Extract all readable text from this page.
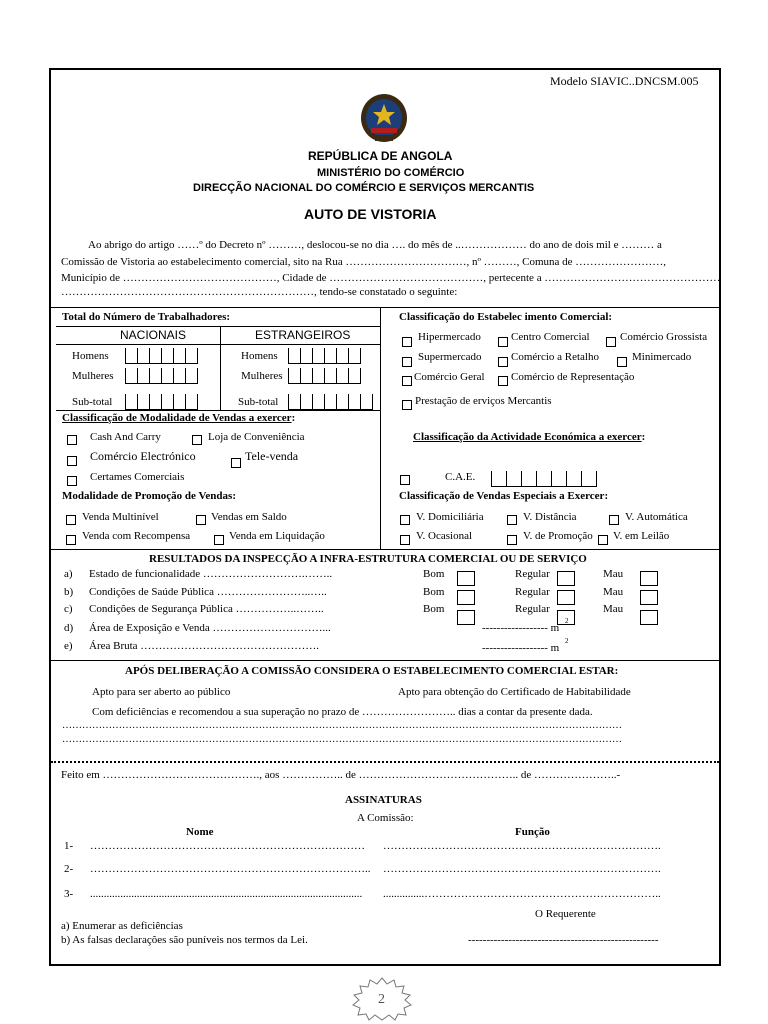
Modelo SIAVIC..DNCSM.005
REPÚBLICA DE ANGOLA
MINISTÉRIO DO COMÉRCIO
DIRECÇÃO NACIONAL DO COMÉRCIO E SERVIÇOS MERCANTIS
AUTO DE VISTORIA
Ao abrigo do artigo ……º do Decreto nº ………, deslocou-se no dia …. do mês de ..……………… do ano de dois mil e ……… a
Comissão de Vistoria ao estabelecimento comercial, sito na Rua ……………………………, nº ………, Comuna de ……………………,
Município de ……………………………………, Cidade de ……………………………………, pertecente a …………………………………………
……………………………………………………………, tendo-se constatado o seguinte:
Total do Número de Trabalhadores:
NACIONAIS	ESTRANGEIROS
Homens	Homens
Mulheres	Mulheres
Sub-total	Sub-total
Classificação de Modalidade de Vendas a exercer:
Cash And Carry	Loja de Conveniência
Comércio Electrónico	Tele-venda
Certames Comerciais
Modalidade de Promoção de Vendas:
Venda Multinível	Vendas em Saldo
Venda com Recompensa	Venda em Liquidação
Classificação do Estabelec imento Comercial:
Hipermercado	Centro Comercial	Comércio Grossista
Supermercado	Comércio a Retalho	Minimercado
Comércio Geral Comércio de Representação
Prestação de erviços Mercantis
Classificação da Actividade Económica a exercer:
C.A.E.
Classificação de Vendas Especiais a Exercer:
V. Domiciliária	V. Distância	V. Automática
V. Ocasional	V. de Promoção V. em Leilão
RESULTADOS DA INSPECÇÃO A INFRA-ESTRUTURA COMERCIAL OU DE SERVIÇO
a) Estado de funcionalidade ……………………….……..	Bom	Regular	Mau
b) Condições de Saúde Pública ……………………..…..	Bom	Regular	Mau
c) Condições de Segurança Pública ……………..……..	Bom	Regular	Mau
d) Área de Exposição e Venda …………………………...	------------------ m
2
e) Área Bruta ………………………………………….	------------------ m
2
APÓS DELIBERAÇÃO A COMISSÃO CONSIDERA O ESTABELECIMENTO COMERCIAL ESTAR:
Apto para ser aberto ao público	Apto para obtenção do Certificado de Habitabilidade
Com deficiências e recomendou a sua superação no prazo de …………………….. dias a contar da presente dada.
……………………………………………………………………………………………………………………………………………………
……………………………………………………………………………………………………………………………………………………
Feito em ……………………………………., aos …………….. de …………………………………….. de …………………..-
ASSINATURAS
A Comissão:
Nome	Função
1- ………………………………………………………………… ………………………………………………………………….
2- ………………………………………………………………….. ………………………………………………………………….
3- ................................................................................................... ...............………………………………………………………..
O Requerente
a) Enumerar as deficiências
b) As falsas declarações são puníveis nos termos da Lei.	----------------------------------------------------
2
